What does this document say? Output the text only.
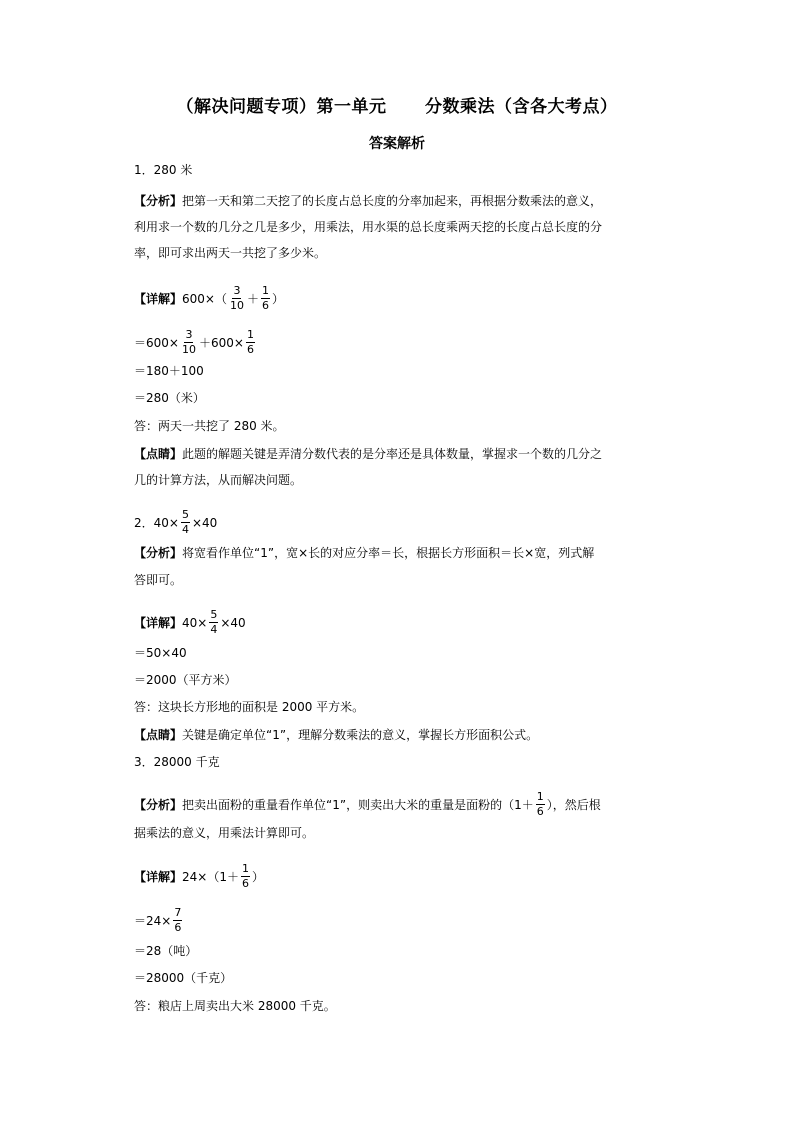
（解决问题专项）第一单元      分数乘法（含各大考点）
答案解析
1．280 米
【分析】 把第一天和第二天挖了的长度占总长度的分率加起来，再根据分数乘法的意义，
利用求一个数的几分之几是多少，用乘法，用水渠的总长度乘两天挖的长度占总长度的分
率，即可求出两天一共挖了多少米。
【详解】 $600\times( \frac{3}{10} + \frac{1}{6}$ ）
$=600\times \frac{3}{10} +600\times \frac{1}{6}$
＝180＋100
＝280（米）
答：两天一共挖了 280 米。
【点睛】 此题的解题关键是弄清分数代表的是分率还是具体数量，掌握求一个数的几分之
几的计算方法，从而解决问题。
2．$40\times \frac{5}{4} \times 40$
【分析】 将宽看作单位“1”，宽×长的对应分率＝长，根据长方形面积＝长×宽，列式解
答即可。
【详解】 $40\times \frac{5}{4} \times 40$
＝50×40
＝2000（平方米）
答：这块长方形地的面积是 2000 平方米。
【点睛】 关键是确定单位“1”，理解分数乘法的意义，掌握长方形面积公式。
3．28000 千克
【分析】 把卖出面粉的重量看作单位“1”，则卖出大米的重量是面粉的（$1+ \frac{1}{6}$ ），然后根
据乘法的意义，用乘法计算即可。
【详解】 $24\times(1+ \frac{1}{6}$ ）
$=24\times \frac{7}{6}$
＝28（吨）
＝28000（千克）
答：粮店上周卖出大米 28000 千克。
